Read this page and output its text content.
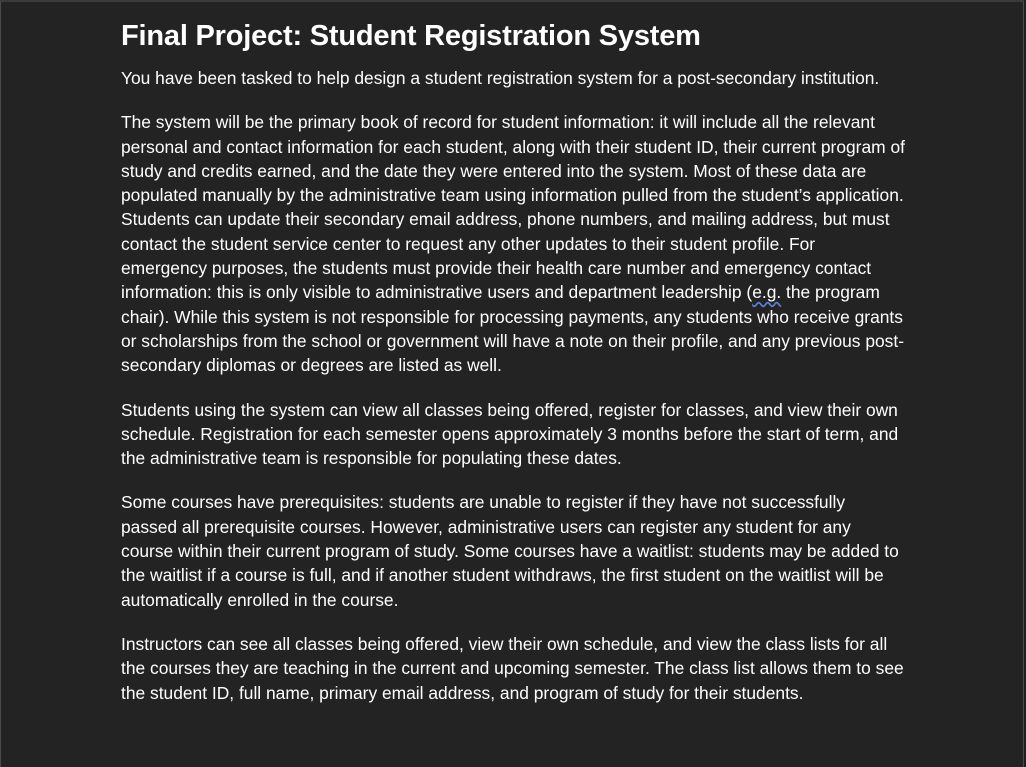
Final Project: Student Registration System

You have been tasked to help design a student registration system for a post-secondary institution.

The system will be the primary book of record for student information: it will include all the relevant personal and contact information for each student, along with their student ID, their current program of study and credits earned, and the date they were entered into the system. Most of these data are populated manually by the administrative team using information pulled from the student’s application. Students can update their secondary email address, phone numbers, and mailing address, but must contact the student service center to request any other updates to their student profile. For emergency purposes, the students must provide their health care number and emergency contact information: this is only visible to administrative users and department leadership (e.g. the program chair). While this system is not responsible for processing payments, any students who receive grants or scholarships from the school or government will have a note on their profile, and any previous post-secondary diplomas or degrees are listed as well.

Students using the system can view all classes being offered, register for classes, and view their own schedule. Registration for each semester opens approximately 3 months before the start of term, and the administrative team is responsible for populating these dates.

Some courses have prerequisites: students are unable to register if they have not successfully passed all prerequisite courses. However, administrative users can register any student for any course within their current program of study. Some courses have a waitlist: students may be added to the waitlist if a course is full, and if another student withdraws, the first student on the waitlist will be automatically enrolled in the course.

Instructors can see all classes being offered, view their own schedule, and view the class lists for all the courses they are teaching in the current and upcoming semester. The class list allows them to see the student ID, full name, primary email address, and program of study for their students.
